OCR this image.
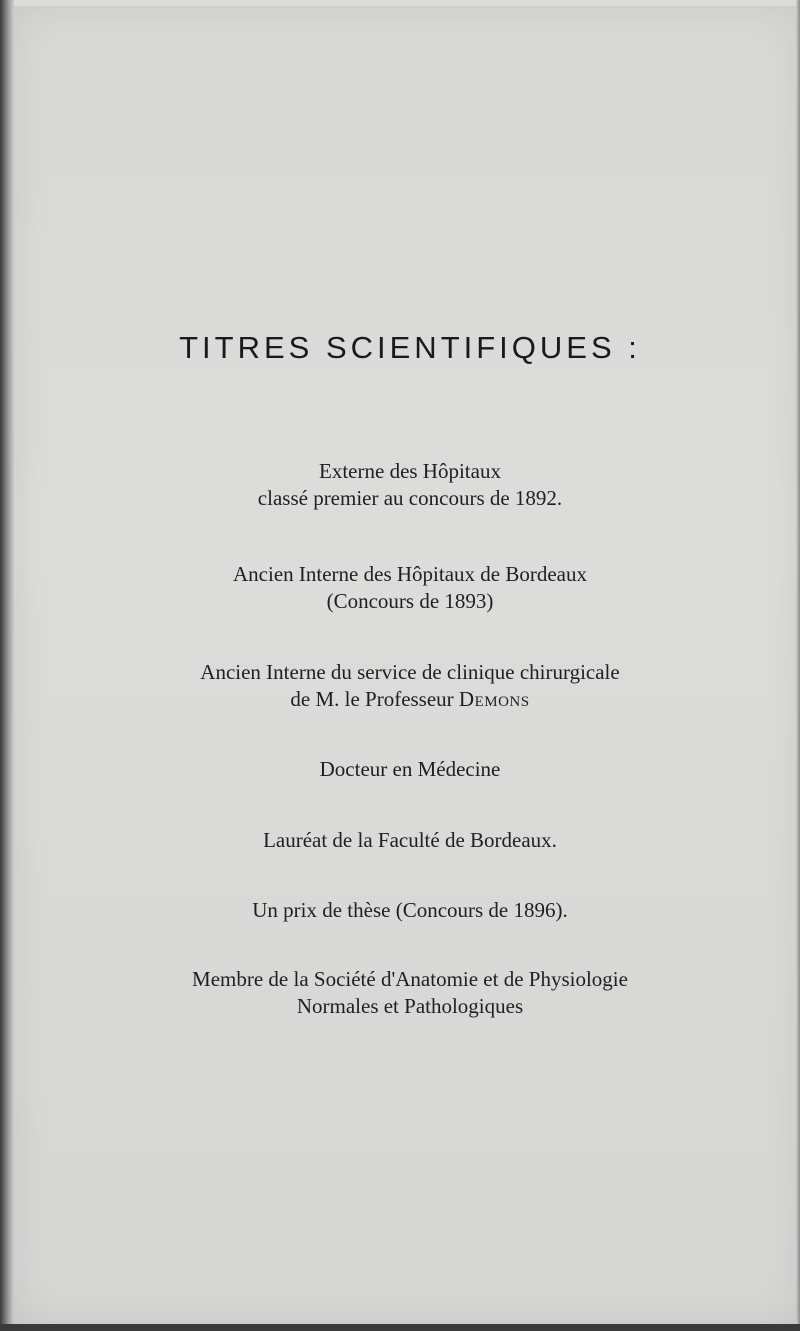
TITRES SCIENTIFIQUES :
Externe des Hôpitaux
classé premier au concours de 1892.
Ancien Interne des Hôpitaux de Bordeaux
(Concours de 1893)
Ancien Interne du service de clinique chirurgicale
de M. le Professeur Demons
Docteur en Médecine
Lauréat de la Faculté de Bordeaux.
Un prix de thèse (Concours de 1896).
Membre de la Société d'Anatomie et de Physiologie
Normales et Pathologiques
